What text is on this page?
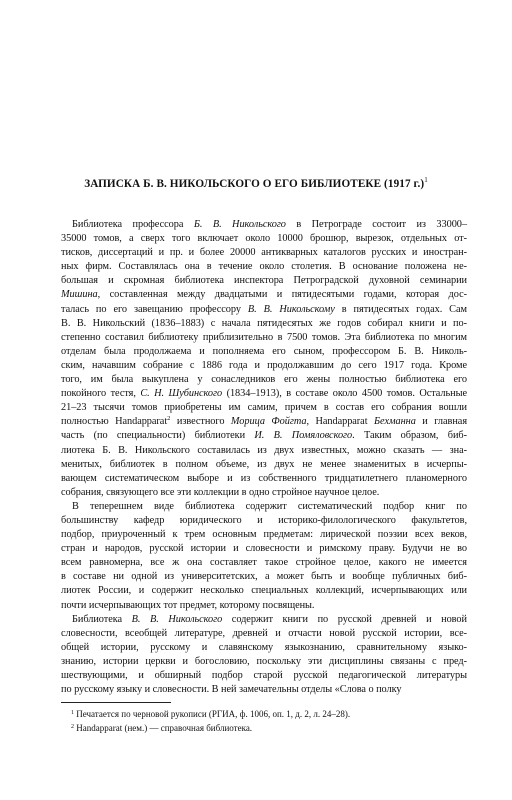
ЗАПИСКА Б. В. НИКОЛЬСКОГО О ЕГО БИБЛИОТЕКЕ (1917 г.)$^1$
Библиотека профессора Б. В. Никольского в Петрограде состоит из 33000–
35000 томов, а сверх того включает около 10000 брошюр, вырезок, отдельных от-
тисков, диссертаций и пр. и более 20000 антикварных каталогов русских и иностран-
ных фирм. Составлялась она в течение около столетия. В основание положена не-
большая и скромная библиотека инспектора Петроградской духовной семинарии
Мишина, составленная между двадцатыми и пятидесятыми годами, которая дос-
талась по его завещанию профессору В. В. Никольскому в пятидесятых годах. Сам
В. В. Никольский (1836–1883) с начала пятидесятых же годов собирал книги и по-
степенно составил библиотеку приблизительно в 7500 томов. Эта библиотека по многим
отделам была продолжаема и пополняема его сыном, профессором Б. В. Николь-
ским, начавшим собрание с 1886 года и продолжавшим до сего 1917 года. Кроме
того, им была выкуплена у сонаследников его жены полностью библиотека его
покойного тестя, С. Н. Шубинского (1834–1913), в составе около 4500 томов. Остальные
21–23 тысячи томов приобретены им самим, причем в состав его собрания вошли
полностью Handapparat$^2$ известного Морица Фойгта, Handapparat Бехманна и главная
часть (по специальности) библиотеки И. В. Помяловского. Таким образом, биб-
лиотека Б. В. Никольского составилась из двух известных, можно сказать — зна-
менитых, библиотек в полном объеме, из двух не менее знаменитых в исчерпы-
вающем систематическом выборе и из собственного тридцатилетнего планомерного
собрания, связующего все эти коллекции в одно стройное научное целое.
В теперешнем виде библиотека содержит систематический подбор книг по
большинству кафедр юридического и историко-филологического факультетов,
подбор, приуроченный к трем основным предметам: лирической поэзии всех веков,
стран и народов, русской истории и словесности и римскому праву. Будучи не во
всем равномерна, все ж она составляет такое стройное целое, какого не имеется
в составе ни одной из университетских, а может быть и вообще публичных биб-
лиотек России, и содержит несколько специальных коллекций, исчерпывающих или
почти исчерпывающих тот предмет, которому посвящены.
Библиотека В. В. Никольского содержит книги по русской древней и новой
словесности, всеобщей литературе, древней и отчасти новой русской истории, все-
общей истории, русскому и славянскому языкознанию, сравнительному языко-
знанию, истории церкви и богословию, поскольку эти дисциплины связаны с пред-
шествующими, и обширный подбор старой русской педагогической литературы
по русскому языку и словесности. В ней замечательны отделы «Слова о полку
$^1$ Печатается по черновой рукописи (РГИА, ф. 1006, оп. 1, д. 2, л. 24–28).
$^2$ Handapparat (нем.) — справочная библиотека.
